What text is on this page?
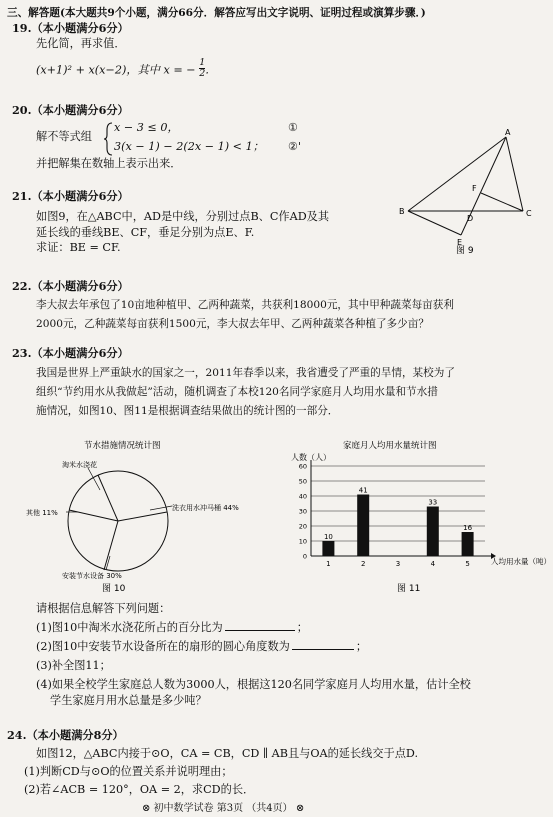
三、解答题(本大题共9个小题，满分66分．解答应写出文字说明、证明过程或演算步骤．)
19.（本小题满分6分）
先化简，再求值．
(x+1)² + x(x−2)，其中 x = − $\frac{1}{2}$ ．
20.（本小题满分6分）
解不等式组
x − 3 ≤ 0，
3(x − 1) − 2(2x − 1) < 1；
①
②'
并把解集在数轴上表示出来．
21.（本小题满分6分）
如图9，在△ABC中，AD是中线，分别过点B、C作AD及其
延长线的垂线BE、CF，垂足分别为点E、F.
求证：BE = CF.
A
B	C
D
E
F
图 9
22.（本小题满分6分）
李大叔去年承包了10亩地种植甲、乙两种蔬菜，共获利18000元，其中甲种蔬菜每亩获利
2000元，乙种蔬菜每亩获利1500元，李大叔去年甲、乙两种蔬菜各种植了多少亩？
23.（本小题满分6分）
我国是世界上严重缺水的国家之一，2011年春季以来，我省遭受了严重的旱情，某校为了
组织“节约用水从我做起”活动，随机调查了本校120名同学家庭月人均用水量和节水措
施情况，如图10、图11是根据调查结果做出的统计图的一部分．
节水措施情况统计图
淘米水浇花
洗衣用水冲马桶 44%
安装节水设备 30%
其他 11%
图 10
家庭月人均用水量统计图
人数（人）
0
10
20
30
40
50
60
1
10
2
41
3	4
33
5
16
人均用水量（吨）
图 11
请根据信息解答下列问题：
(1)图10中淘米水浇花所占的百分比为	；
(2)图10中安装节水设备所在的扇形的圆心角度数为	；
(3)补全图11；
(4)如果全校学生家庭总人数为3000人，根据这120名同学家庭月人均用水量，估计全校
学生家庭月用水总量是多少吨？
24.（本小题满分8分）
如图12，△ABC内接于⊙O，CA = CB，CD ∥ AB且与OA的延长线交于点D.
(1)判断CD与⊙O的位置关系并说明理由；
(2)若∠ACB = 120°，OA = 2，求CD的长．
⊗ 初中数学试卷 第3页 （共4页） ⊗
